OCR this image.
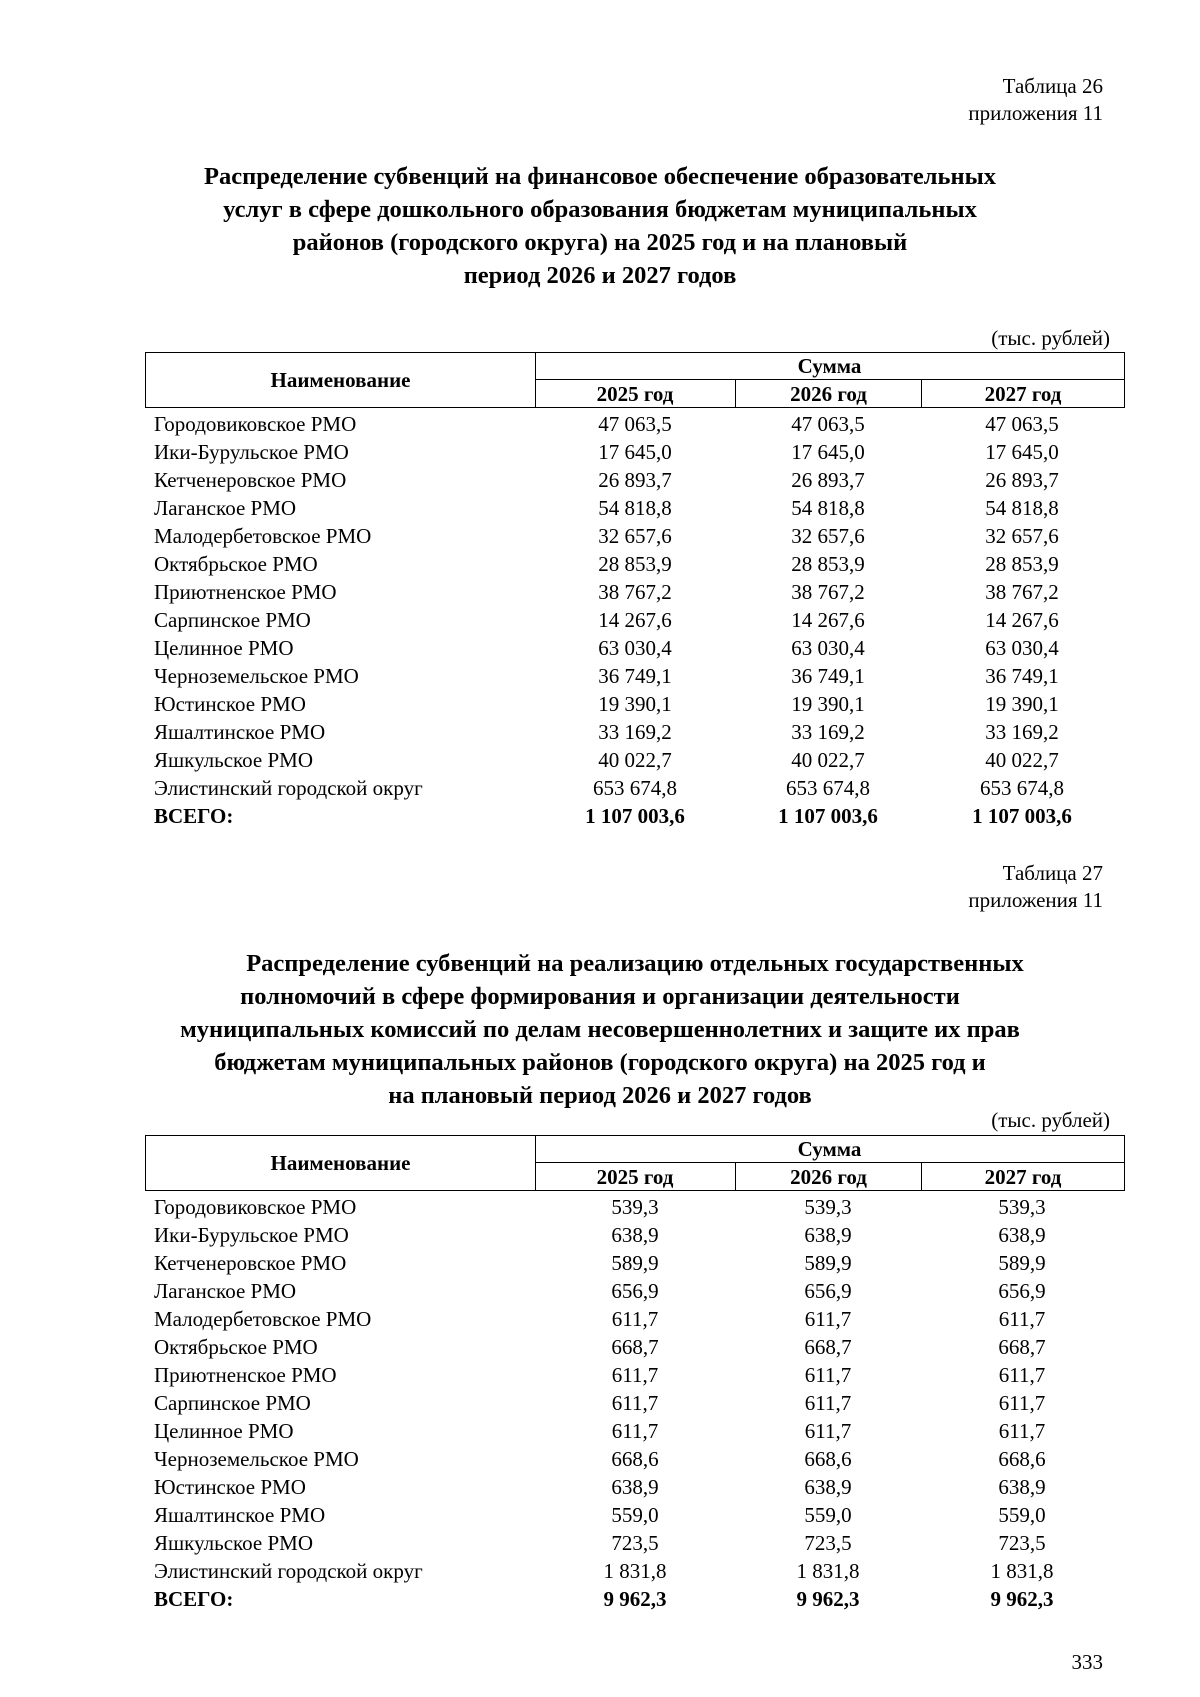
Таблица 26
приложения 11
Распределение субвенций на финансовое обеспечение образовательных
услуг в сфере дошкольного образования бюджетам муниципальных
районов (городского округа) на 2025 год и на плановый
период 2026 и 2027 годов
(тыс. рублей)
Наименование
Сумма
2025 год	2026 год	2027 год
Городовиковское РМО	47 063,5	47 063,5	47 063,5
Ики-Бурульское РМО	17 645,0	17 645,0	17 645,0
Кетченеровское РМО	26 893,7	26 893,7	26 893,7
Лаганское РМО	54 818,8	54 818,8	54 818,8
Малодербетовское РМО	32 657,6	32 657,6	32 657,6
Октябрьское РМО	28 853,9	28 853,9	28 853,9
Приютненское РМО	38 767,2	38 767,2	38 767,2
Сарпинское РМО	14 267,6	14 267,6	14 267,6
Целинное РМО	63 030,4	63 030,4	63 030,4
Черноземельское РМО	36 749,1	36 749,1	36 749,1
Юстинское РМО	19 390,1	19 390,1	19 390,1
Яшалтинское РМО	33 169,2	33 169,2	33 169,2
Яшкульское РМО	40 022,7	40 022,7	40 022,7
Элистинский городской округ	653 674,8	653 674,8	653 674,8
ВСЕГО:	1 107 003,6	1 107 003,6	1 107 003,6
Таблица 27
приложения 11
Распределение субвенций на реализацию отдельных государственных
полномочий в сфере формирования и организации деятельности
муниципальных комиссий по делам несовершеннолетних и защите их прав
бюджетам муниципальных районов (городского округа) на 2025 год и
на плановый период 2026 и 2027 годов
(тыс. рублей)
Наименование
Сумма
2025 год	2026 год	2027 год
Городовиковское РМО	539,3	539,3	539,3
Ики-Бурульское РМО	638,9	638,9	638,9
Кетченеровское РМО	589,9	589,9	589,9
Лаганское РМО	656,9	656,9	656,9
Малодербетовское РМО	611,7	611,7	611,7
Октябрьское РМО	668,7	668,7	668,7
Приютненское РМО	611,7	611,7	611,7
Сарпинское РМО	611,7	611,7	611,7
Целинное РМО	611,7	611,7	611,7
Черноземельское РМО	668,6	668,6	668,6
Юстинское РМО	638,9	638,9	638,9
Яшалтинское РМО	559,0	559,0	559,0
Яшкульское РМО	723,5	723,5	723,5
Элистинский городской округ	1 831,8	1 831,8	1 831,8
ВСЕГО:	9 962,3	9 962,3	9 962,3
333
